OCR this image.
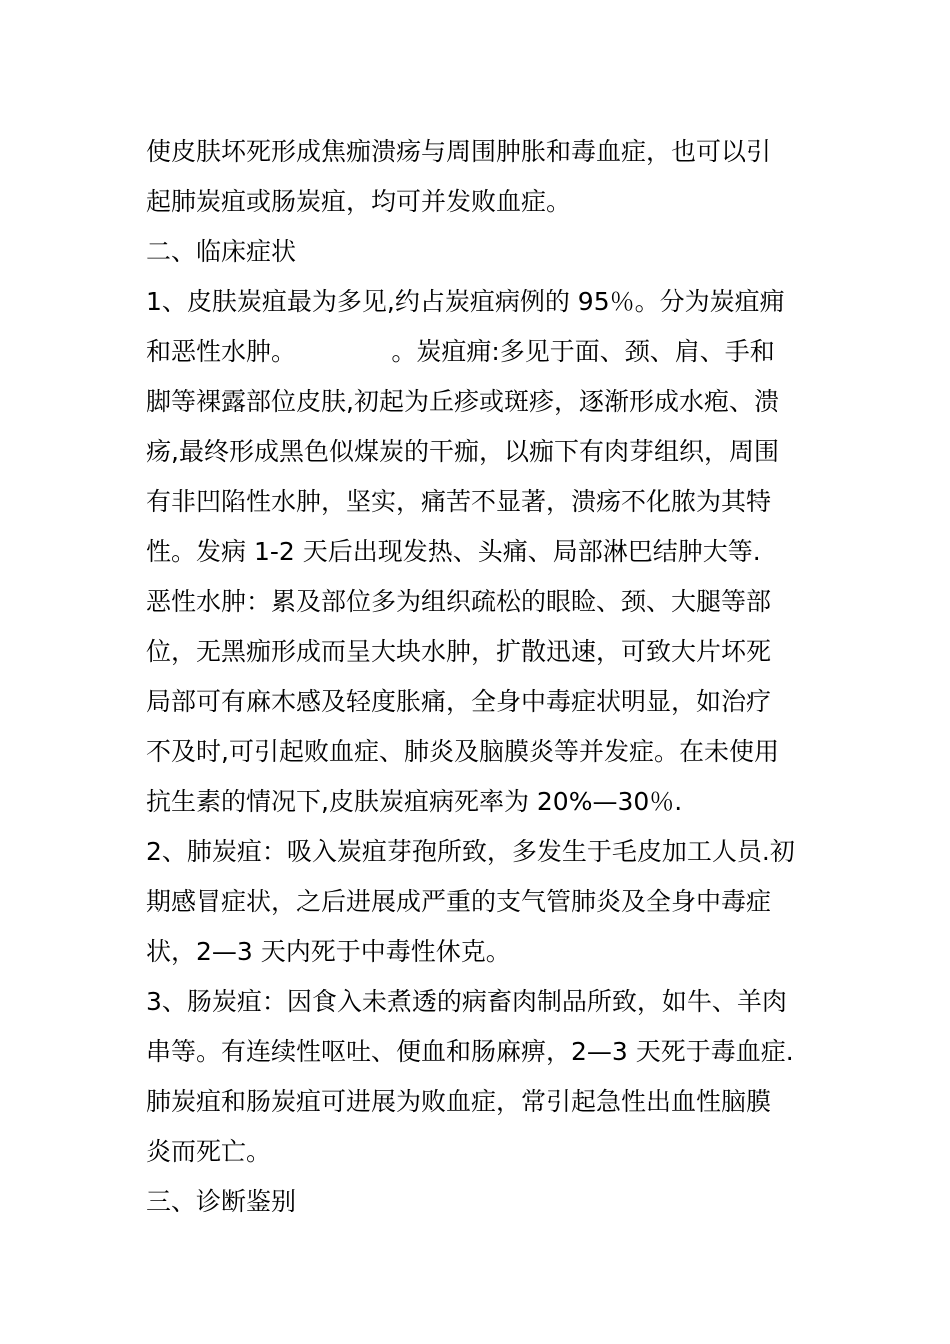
使皮肤坏死形成焦痂溃疡与周围肿胀和毒血症，也可以引
起肺炭疽或肠炭疽，均可并发败血症。
二、临床症状
1、皮肤炭疽最为多见,约占炭疽病例的 95％。分为炭疽痈
和恶性水肿。            。炭疽痈:多见于面、颈、肩、手和
脚等裸露部位皮肤,初起为丘疹或斑疹，逐渐形成水疱、溃
疡,最终形成黑色似煤炭的干痂，以痂下有肉芽组织，周围
有非凹陷性水肿，坚实，痛苦不显著，溃疡不化脓为其特
性。发病 1-2 天后出现发热、头痛、局部淋巴结肿大等.
恶性水肿：累及部位多为组织疏松的眼睑、颈、大腿等部
位，无黑痂形成而呈大块水肿，扩散迅速，可致大片坏死
局部可有麻木感及轻度胀痛，全身中毒症状明显，如治疗
不及时,可引起败血症、肺炎及脑膜炎等并发症。在未使用
抗生素的情况下,皮肤炭疽病死率为 20%—30％.
2、肺炭疽：吸入炭疽芽孢所致，多发生于毛皮加工人员.初
期感冒症状，之后进展成严重的支气管肺炎及全身中毒症
状，2—3 天内死于中毒性休克。
3、肠炭疽：因食入未煮透的病畜肉制品所致，如牛、羊肉
串等。有连续性呕吐、便血和肠麻痹，2—3 天死于毒血症.
肺炭疽和肠炭疽可进展为败血症，常引起急性出血性脑膜
炎而死亡。
三、诊断鉴别
